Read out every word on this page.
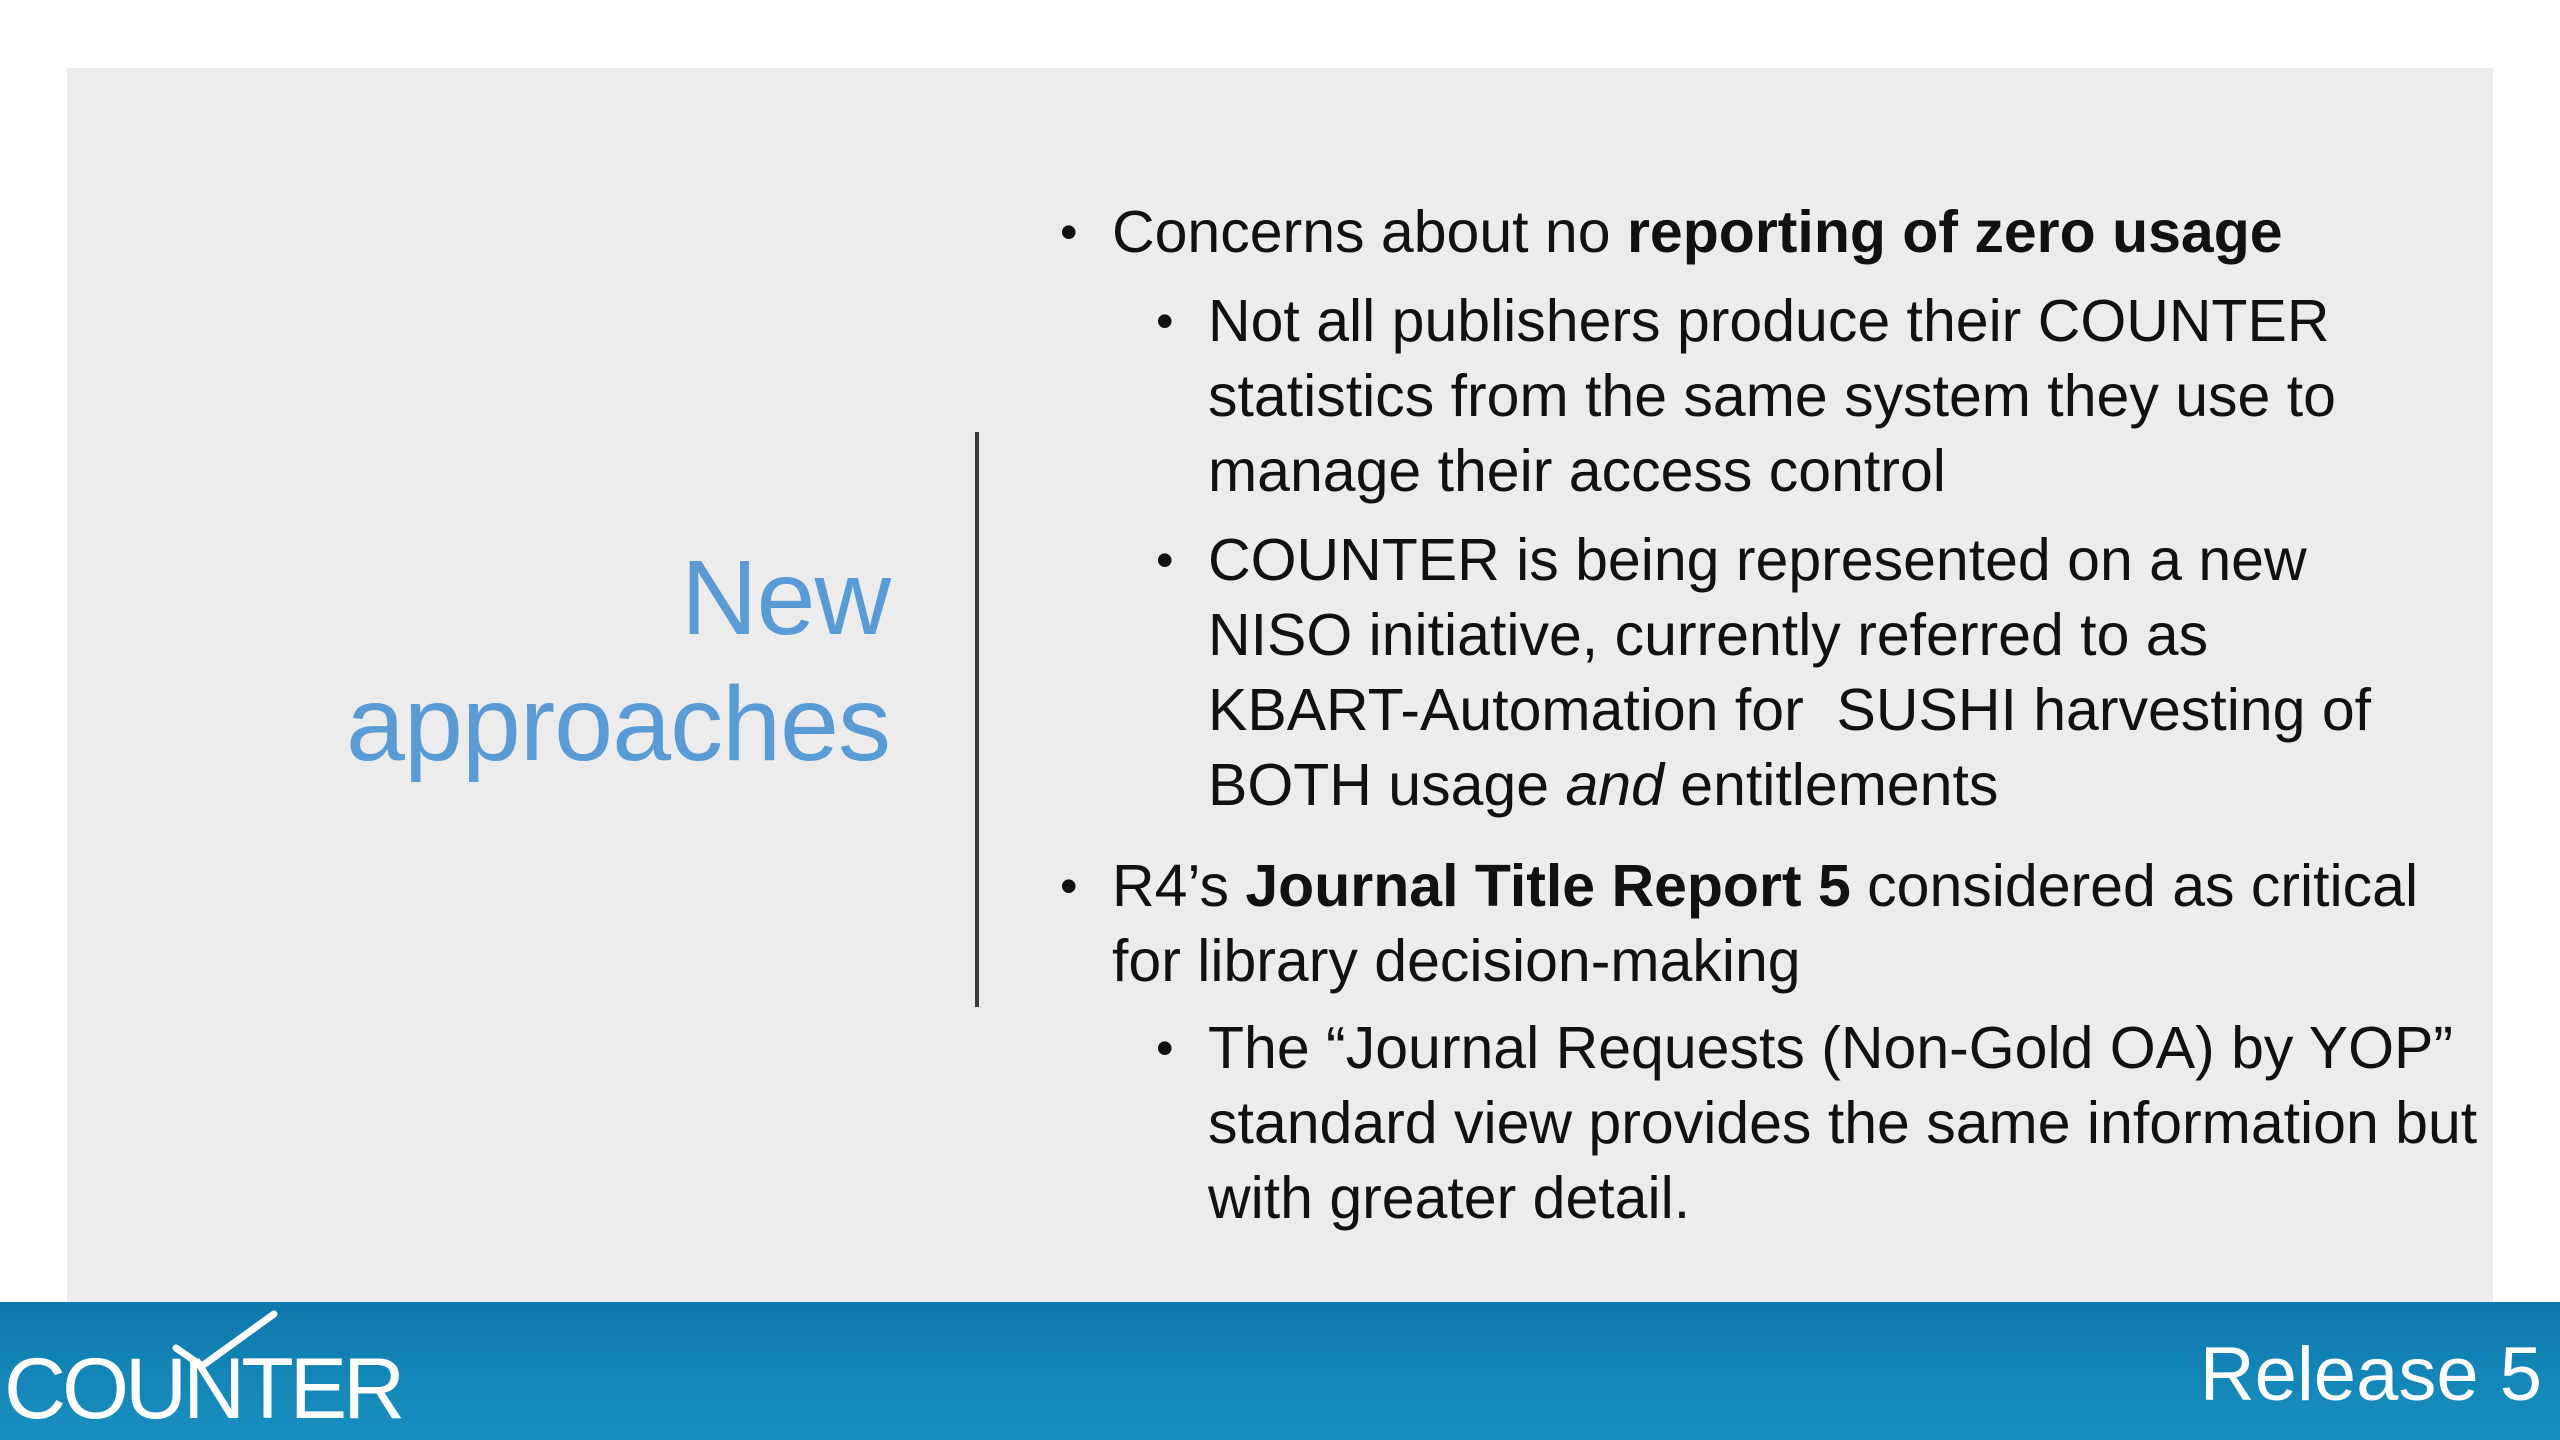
New
approaches

• Concerns about no reporting of zero usage

• Not all publishers produce their COUNTER statistics from the same system they use to manage their access control

• COUNTER is being represented on a new
NISO initiative, currently referred to as
KBART-Automation for  SUSHI harvesting of
BOTH usage and entitlements

• R4’s Journal Title Report 5 considered as critical for library decision-making

• The “Journal Requests (Non-Gold OA) by YOP” standard view provides the same information but with greater detail.

COUNTER	Release 5
